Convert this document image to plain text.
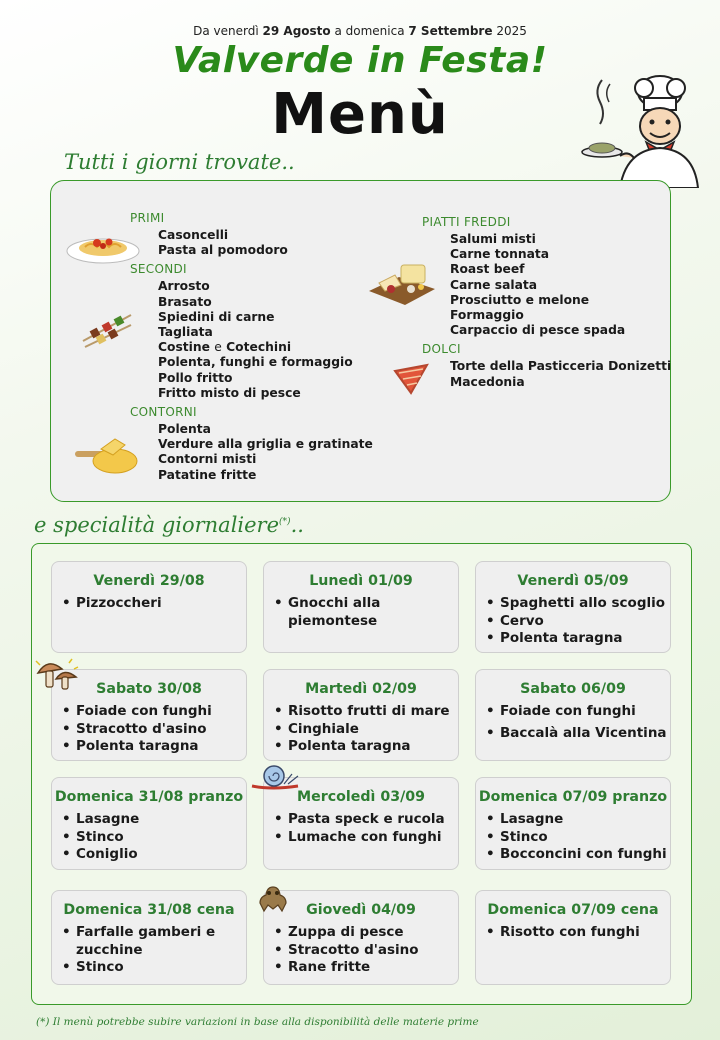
Da venerdì 29 Agosto a domenica 7 Settembre 2025
Valverde in Festa!
Menù
Tutti i giorni trovate..
PRIMI
Casoncelli
Pasta al pomodoro
SECONDI
Arrosto
Brasato
Spiedini di carne
Tagliata
Costine e Cotechini
Polenta, funghi e formaggio
Pollo fritto
Fritto misto di pesce
CONTORNI
Polenta
Verdure alla griglia e gratinate
Contorni misti
Patatine fritte
PIATTI FREDDI
Salumi misti
Carne tonnata
Roast beef
Carne salata
Prosciutto e melone
Formaggio
Carpaccio di pesce spada
DOLCI
Torte della Pasticceria Donizetti
Macedonia
e specialità giornaliere(*)..
Venerdì 29/08
• Pizzoccheri
Lunedì 01/09
• Gnocchi alla piemontese
Venerdì 05/09
• Spaghetti allo scoglio
• Cervo
• Polenta taragna
Sabato 30/08
• Foiade con funghi
• Stracotto d'asino
• Polenta taragna
Martedì 02/09
• Risotto frutti di mare
• Cinghiale
• Polenta taragna
Sabato 06/09
• Foiade con funghi
• Baccalà alla Vicentina
Domenica 31/08 pranzo
• Lasagne
• Stinco
• Coniglio
Mercoledì 03/09
• Pasta speck e rucola
• Lumache con funghi
Domenica 07/09 pranzo
• Lasagne
• Stinco
• Bocconcini con funghi
Domenica 31/08 cena
• Farfalle gamberi e zucchine
• Stinco
Giovedì 04/09
• Zuppa di pesce
• Stracotto d'asino
• Rane fritte
Domenica 07/09 cena
• Risotto con funghi
(*) Il menù potrebbe subire variazioni in base alla disponibilità delle materie prime
